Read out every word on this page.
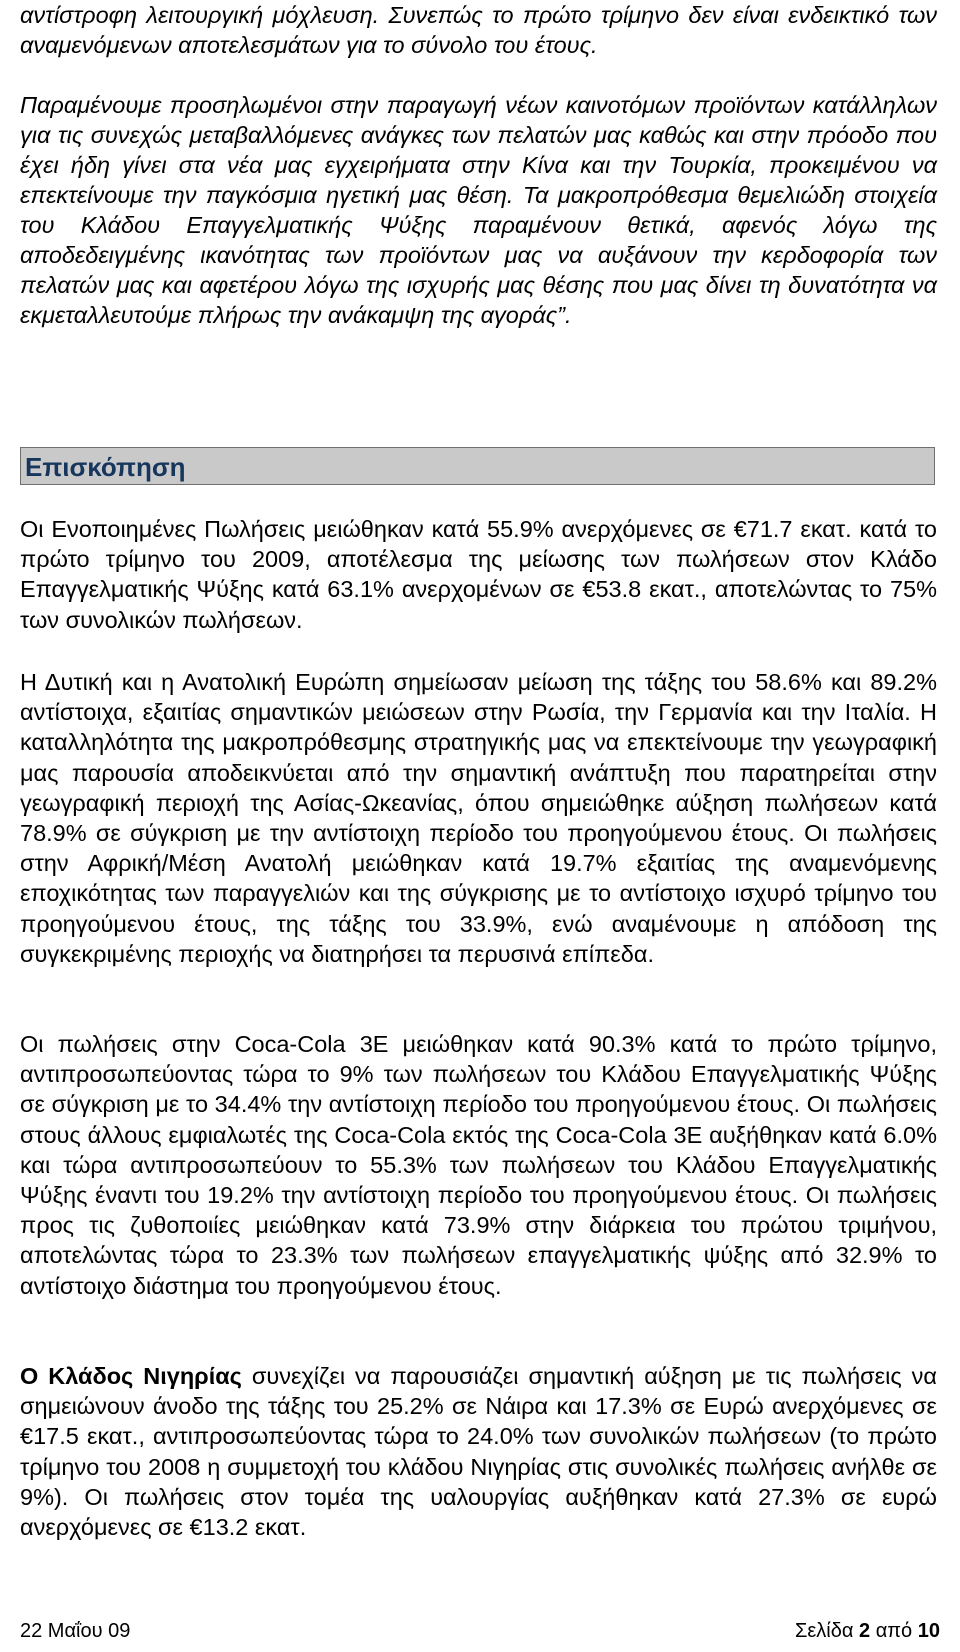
αντίστροφη λειτουργική μόχλευση. Συνεπώς το πρώτο τρίμηνο δεν είναι ενδεικτικό των αναμενόμενων αποτελεσμάτων για το σύνολο του έτους.

Παραμένουμε προσηλωμένοι στην παραγωγή νέων καινοτόμων προϊόντων κατάλληλων για τις συνεχώς μεταβαλλόμενες ανάγκες των πελατών μας καθώς και στην πρόοδο που έχει ήδη γίνει στα νέα μας εγχειρήματα στην Κίνα και την Τουρκία, προκειμένου να επεκτείνουμε την παγκόσμια ηγετική μας θέση. Τα μακροπρόθεσμα θεμελιώδη στοιχεία του Κλάδου Επαγγελματικής Ψύξης παραμένουν θετικά, αφενός λόγω της αποδεδειγμένης ικανότητας των προϊόντων μας να αυξάνουν την κερδοφορία των πελατών μας και αφετέρου λόγω της ισχυρής μας θέσης που μας δίνει τη δυνατότητα να εκμεταλλευτούμε πλήρως την ανάκαμψη της αγοράς”.

Επισκόπηση

Οι Ενοποιημένες Πωλήσεις μειώθηκαν κατά 55.9% ανερχόμενες σε €71.7 εκατ. κατά το πρώτο τρίμηνο του 2009, αποτέλεσμα της μείωσης των πωλήσεων στον Κλάδο Επαγγελματικής Ψύξης κατά 63.1% ανερχομένων σε €53.8 εκατ., αποτελώντας το 75% των συνολικών πωλήσεων.

Η Δυτική και η Ανατολική Ευρώπη σημείωσαν μείωση της τάξης του 58.6% και 89.2% αντίστοιχα, εξαιτίας σημαντικών μειώσεων στην Ρωσία, την Γερμανία και την Ιταλία. Η καταλληλότητα της μακροπρόθεσμης στρατηγικής μας να επεκτείνουμε την γεωγραφική μας παρουσία αποδεικνύεται από την σημαντική ανάπτυξη που παρατηρείται στην γεωγραφική περιοχή της Ασίας-Ωκεανίας, όπου σημειώθηκε αύξηση πωλήσεων κατά 78.9% σε σύγκριση με την αντίστοιχη περίοδο του προηγούμενου έτους. Οι πωλήσεις στην Αφρική/Μέση Ανατολή μειώθηκαν κατά 19.7% εξαιτίας της αναμενόμενης εποχικότητας των παραγγελιών και της σύγκρισης με το αντίστοιχο ισχυρό τρίμηνο του προηγούμενου έτους, της τάξης του 33.9%, ενώ αναμένουμε η απόδοση της συγκεκριμένης περιοχής να διατηρήσει τα περυσινά επίπεδα.

Οι πωλήσεις στην Coca-Cola 3E μειώθηκαν κατά 90.3% κατά το πρώτο τρίμηνο, αντιπροσωπεύοντας τώρα το 9% των πωλήσεων του Κλάδου Επαγγελματικής Ψύξης σε σύγκριση με το 34.4% την αντίστοιχη περίοδο του προηγούμενου έτους. Οι πωλήσεις στους άλλους εμφιαλωτές της Coca-Cola εκτός της Coca-Cola 3E αυξήθηκαν κατά 6.0% και τώρα αντιπροσωπεύουν το 55.3% των πωλήσεων του Κλάδου Επαγγελματικής Ψύξης έναντι του 19.2% την αντίστοιχη περίοδο του προηγούμενου έτους. Οι πωλήσεις προς τις ζυθοποιίες μειώθηκαν κατά 73.9% στην διάρκεια του πρώτου τριμήνου, αποτελώντας τώρα το 23.3% των πωλήσεων επαγγελματικής ψύξης από 32.9% το αντίστοιχο διάστημα του προηγούμενου έτους.

Ο Κλάδος Νιγηρίας συνεχίζει να παρουσιάζει σημαντική αύξηση με τις πωλήσεις να σημειώνουν άνοδο της τάξης του 25.2% σε Νάιρα και 17.3% σε Ευρώ ανερχόμενες σε €17.5 εκατ., αντιπροσωπεύοντας τώρα το 24.0% των συνολικών πωλήσεων (το πρώτο τρίμηνο του 2008 η συμμετοχή του κλάδου Νιγηρίας στις συνολικές πωλήσεις ανήλθε σε 9%). Οι πωλήσεις στον τομέα της υαλουργίας αυξήθηκαν κατά 27.3% σε ευρώ ανερχόμενες σε €13.2 εκατ.

22 Μαΐου 09	Σελίδα 2 από 10
